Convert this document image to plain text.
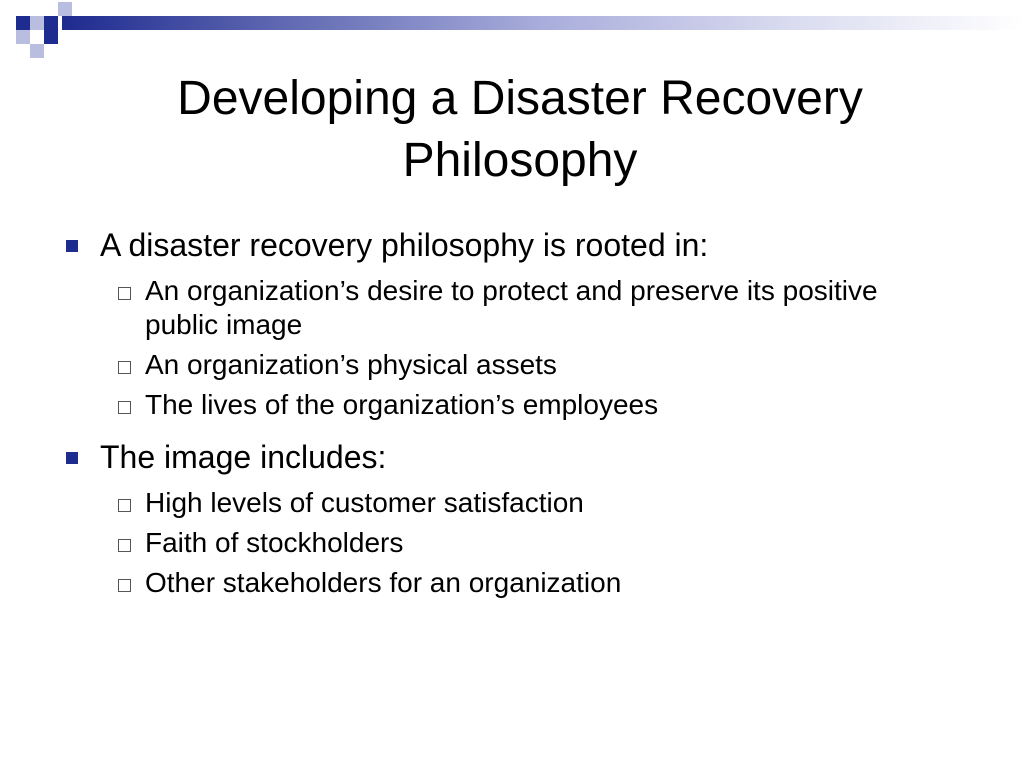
Developing a Disaster Recovery Philosophy
A disaster recovery philosophy is rooted in:
An organization’s desire to protect and preserve its positive public image
An organization’s physical assets
The lives of the organization’s employees
The image includes:
High levels of customer satisfaction
Faith of stockholders
Other stakeholders for an organization
